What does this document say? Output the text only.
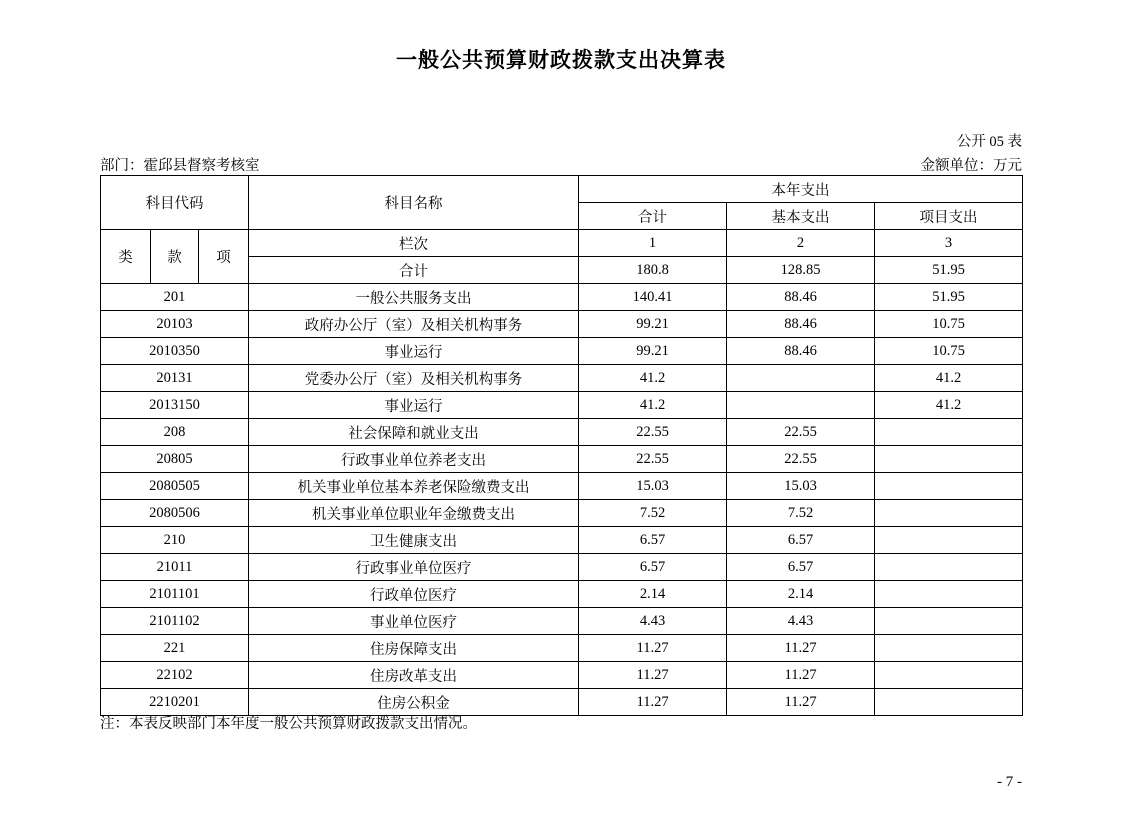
一般公共预算财政拨款支出决算表
公开 05 表
部门：霍邱县督察考核室	金额单位：万元
科目代码			科目名称	本年支出		
				合计	基本支出	项目支出
类	款	项	栏次	1	2	3
			合计	180.8	128.85	51.95
201			一般公共服务支出	140.41	88.46	51.95
20103			政府办公厅（室）及相关机构事务	99.21	88.46	10.75
2010350			事业运行	99.21	88.46	10.75
20131			党委办公厅（室）及相关机构事务	41.2		41.2
2013150			事业运行	41.2		41.2
208			社会保障和就业支出	22.55	22.55	
20805			行政事业单位养老支出	22.55	22.55	
2080505			机关事业单位基本养老保险缴费支出	15.03	15.03	
2080506			机关事业单位职业年金缴费支出	7.52	7.52	
210			卫生健康支出	6.57	6.57	
21011			行政事业单位医疗	6.57	6.57	
2101101			行政单位医疗	2.14	2.14	
2101102			事业单位医疗	4.43	4.43	
221			住房保障支出	11.27	11.27	
22102			住房改革支出	11.27	11.27	
2210201			住房公积金	11.27	11.27	
注：本表反映部门本年度一般公共预算财政拨款支出情况。
- 7 -
